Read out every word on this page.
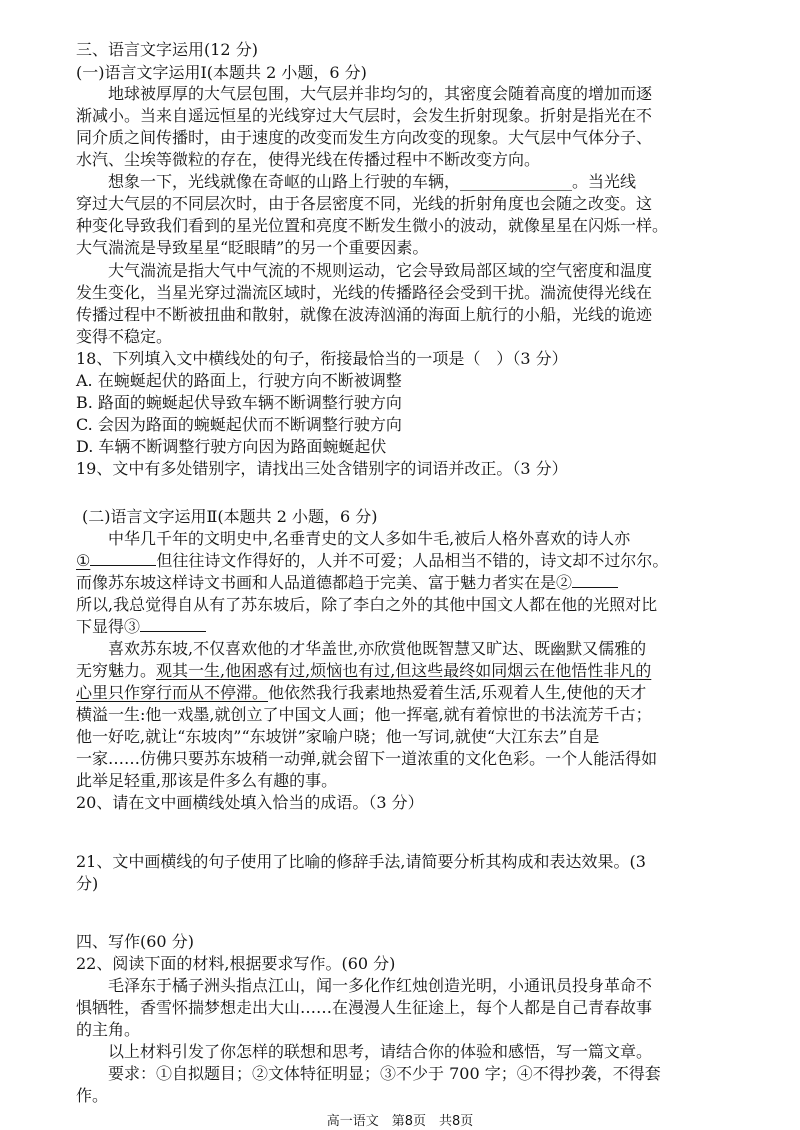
三、语言文字运用(12 分)
(一)语言文字运用Ⅰ(本题共 2 小题，6 分)
地球被厚厚的大气层包围，大气层并非均匀的，其密度会随着高度的增加而逐
渐减小。当来自遥远恒星的光线穿过大气层时，会发生折射现象。折射是指光在不
同介质之间传播时，由于速度的改变而发生方向改变的现象。大气层中气体分子、
水汽、尘埃等微粒的存在，使得光线在传播过程中不断改变方向。
想象一下，光线就像在奇岖的山路上行驶的车辆，______________。当光线
穿过大气层的不同层次时，由于各层密度不同，光线的折射角度也会随之改变。这
种变化导致我们看到的星光位置和亮度不断发生微小的波动，就像星星在闪烁一样。
大气湍流是导致星星“眨眼睛”的另一个重要因素。
大气湍流是指大气中气流的不规则运动，它会导致局部区域的空气密度和温度
发生变化，当星光穿过湍流区域时，光线的传播路径会受到干扰。湍流使得光线在
传播过程中不断被扭曲和散射，就像在波涛汹涌的海面上航行的小船，光线的诡迹
变得不稳定。
18、下列填入文中横线处的句子，衔接最恰当的一项是（　）（3 分）
A. 在蜿蜒起伏的路面上，行驶方向不断被调整
B. 路面的蜿蜒起伏导致车辆不断调整行驶方向
C. 会因为路面的蜿蜒起伏而不断调整行驶方向
D. 车辆不断调整行驶方向因为路面蜿蜒起伏
19、文中有多处错别字，请找出三处含错别字的词语并改正。（3 分）
(二)语言文字运用Ⅱ(本题共 2 小题，6 分)
中华几千年的文明史中,名垂青史的文人多如牛毛,被后人格外喜欢的诗人亦
①	但往往诗文作得好的，人并不可爱；人品相当不错的，诗文却不过尔尔。
而像苏东坡这样诗文书画和人品道德都趋于完美、富于魅力者实在是②
所以,我总觉得自从有了苏东坡后，除了李白之外的其他中国文人都在他的光照对比
下显得③
喜欢苏东坡,不仅喜欢他的才华盖世,亦欣赏他既智慧又旷达、既幽默又儒雅的
无穷魅力。观其一生,他困惑有过,烦恼也有过,但这些最终如同烟云在他悟性非凡的
心里只作穿行而从不停滞。他依然我行我素地热爱着生活,乐观着人生,使他的天才
横溢一生:他一戏墨,就创立了中国文人画；他一挥毫,就有着惊世的书法流芳千古；
他一好吃,就让“东坡肉”“东坡饼”家喻户晓；他一写词,就使“大江东去”自是
一家……仿佛只要苏东坡稍一动弹,就会留下一道浓重的文化色彩。一个人能活得如
此举足轻重,那该是件多么有趣的事。
20、请在文中画横线处填入恰当的成语。（3 分）
21、文中画横线的句子使用了比喻的修辞手法,请简要分析其构成和表达效果。(3
分)
四、写作(60 分)
22、阅读下面的材料,根据要求写作。(60 分)
毛泽东于橘子洲头指点江山，闻一多化作红烛创造光明，小通讯员投身革命不
惧牺牲，香雪怀揣梦想走出大山……在漫漫人生征途上，每个人都是自己青春故事
的主角。
以上材料引发了你怎样的联想和思考，请结合你的体验和感悟，写一篇文章。
要求：①自拟题目；②文体特征明显；③不少于 700 字；④不得抄袭，不得套
作。
高一语文　第8页　共8页
